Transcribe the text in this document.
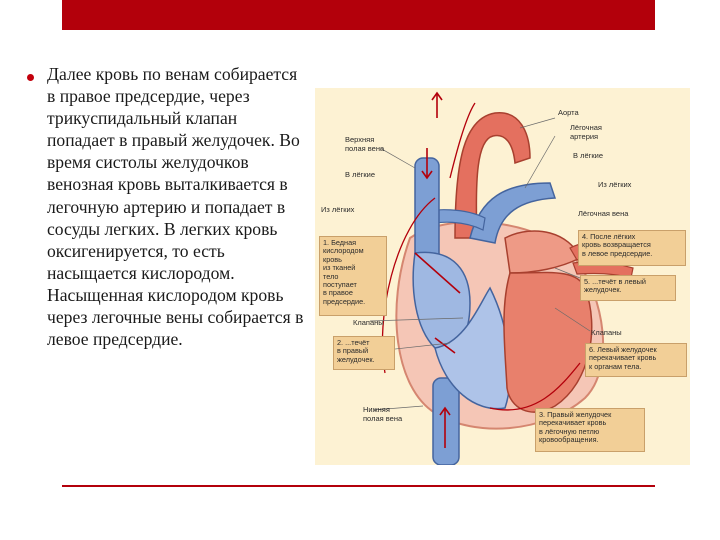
Далее кровь по венам собирается в правое предсердие, через трикуспидальный клапан попадает в правый желудочек. Во время систолы желудочков венозная кровь выталкивается в легочную артерию и попадает в сосуды легких. В легких кровь оксигенируется, то есть насыщается кислородом. Насыщенная кислородом кровь через легочные вены собирается в левое предсердие.

Аорта
Лёгочная
артерия
В лёгкие
Верхняя
полая вена
В лёгкие
Из лёгких
Из лёгких	Лёгочная вена
Клапаны
Клапаны
Нижняя
полая вена
1. Бедная
кислородом
кровь
из тканей
тело
поступает
в правое
предсердие.
2. ...течёт
в правый
желудочек.
3. Правый желудочек
перекачивает кровь
в лёгочную петлю
кровообращения.
4. После лёгких
кровь возвращается
в левое предсердие.
5. ...течёт в левый
желудочек.
6. Левый желудочек
перекачивает кровь
к органам тела.
